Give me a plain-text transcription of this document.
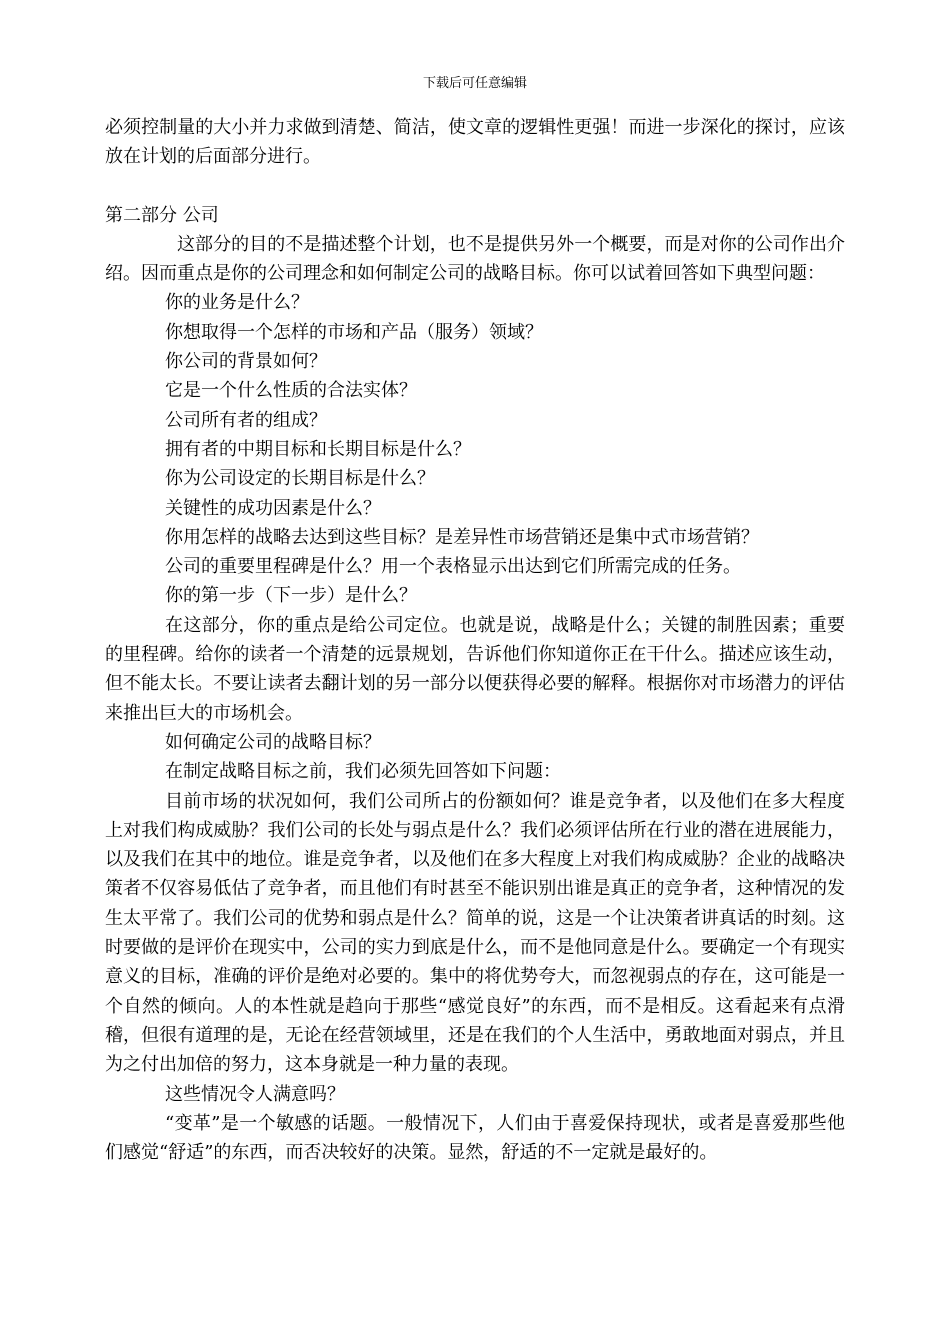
下载后可任意编辑

必须控制量的大小并力求做到清楚、简洁，使文章的逻辑性更强！而进一步深化的探讨，应该放在计划的后面部分进行。

第二部分 公司

这部分的目的不是描述整个计划，也不是提供另外一个概要，而是对你的公司作出介绍。因而重点是你的公司理念和如何制定公司的战略目标。你可以试着回答如下典型问题：

你的业务是什么？

你想取得一个怎样的市场和产品（服务）领域？

你公司的背景如何？

它是一个什么性质的合法实体？

公司所有者的组成？

拥有者的中期目标和长期目标是什么？

你为公司设定的长期目标是什么？

关键性的成功因素是什么？

你用怎样的战略去达到这些目标？是差异性市场营销还是集中式市场营销？

公司的重要里程碑是什么？用一个表格显示出达到它们所需完成的任务。

你的第一步（下一步）是什么？

在这部分，你的重点是给公司定位。也就是说，战略是什么；关键的制胜因素；重要的里程碑。给你的读者一个清楚的远景规划，告诉他们你知道你正在干什么。描述应该生动，但不能太长。不要让读者去翻计划的另一部分以便获得必要的解释。根据你对市场潜力的评估来推出巨大的市场机会。

如何确定公司的战略目标？

在制定战略目标之前，我们必须先回答如下问题：

目前市场的状况如何，我们公司所占的份额如何？谁是竞争者，以及他们在多大程度上对我们构成威胁？我们公司的长处与弱点是什么？我们必须评估所在行业的潜在进展能力，以及我们在其中的地位。谁是竞争者，以及他们在多大程度上对我们构成威胁？企业的战略决策者不仅容易低估了竞争者，而且他们有时甚至不能识别出谁是真正的竞争者，这种情况的发生太平常了。我们公司的优势和弱点是什么？简单的说，这是一个让决策者讲真话的时刻。这时要做的是评价在现实中，公司的实力到底是什么，而不是他同意是什么。要确定一个有现实意义的目标，准确的评价是绝对必要的。集中的将优势夸大，而忽视弱点的存在，这可能是一个自然的倾向。人的本性就是趋向于那些“感觉良好”的东西，而不是相反。这看起来有点滑稽，但很有道理的是，无论在经营领域里，还是在我们的个人生活中，勇敢地面对弱点，并且为之付出加倍的努力，这本身就是一种力量的表现。

这些情况令人满意吗？

“变革”是一个敏感的话题。一般情况下，人们由于喜爱保持现状，或者是喜爱那些他们感觉“舒适”的东西，而否决较好的决策。显然，舒适的不一定就是最好的。
